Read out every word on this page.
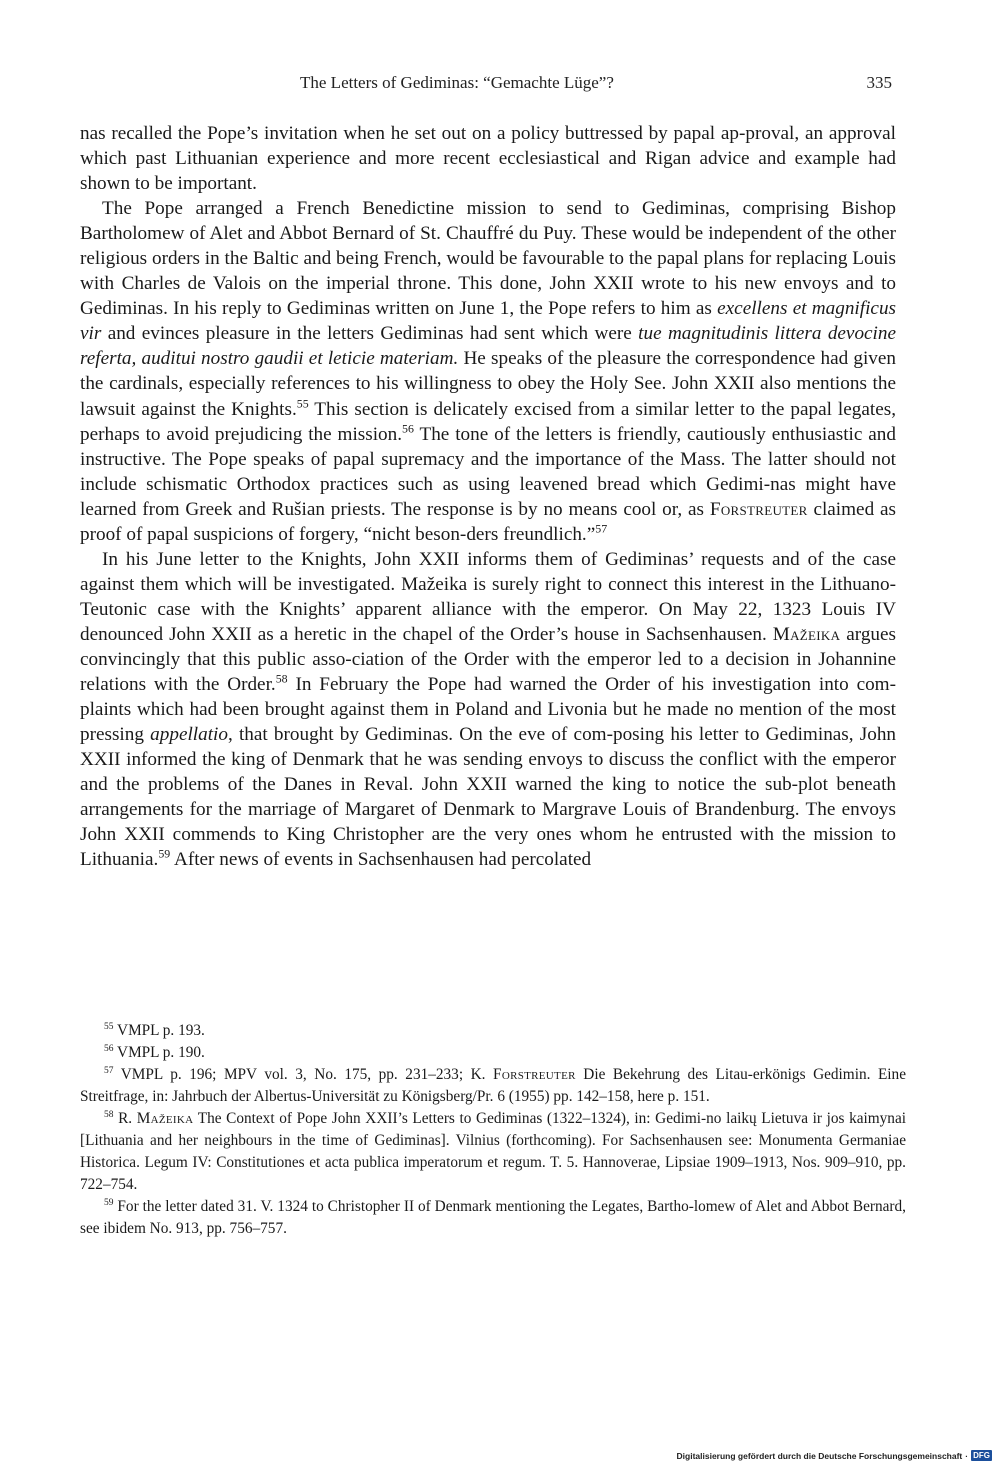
The Letters of Gediminas: “Gemachte Lüge”?	335

nas recalled the Pope’s invitation when he set out on a policy buttressed by papal ap-proval, an approval which past Lithuanian experience and more recent ecclesiastical and Rigan advice and example had shown to be important.

The Pope arranged a French Benedictine mission to send to Gediminas, comprising Bishop Bartholomew of Alet and Abbot Bernard of St. Chauffré du Puy. These would be independent of the other religious orders in the Baltic and being French, would be favourable to the papal plans for replacing Louis with Charles de Valois on the imperial throne. This done, John XXII wrote to his new envoys and to Gediminas. In his reply to Gediminas written on June 1, the Pope refers to him as excellens et magnificus vir and evinces pleasure in the letters Gediminas had sent which were tue magnitudinis littera devocine referta, auditui nostro gaudii et leticie materiam. He speaks of the pleasure the correspondence had given the cardinals, especially references to his willingness to obey the Holy See. John XXII also mentions the lawsuit against the Knights.$^{55}$ This section is delicately excised from a similar letter to the papal legates, perhaps to avoid prejudicing the mission.$^{56}$ The tone of the letters is friendly, cautiously enthusiastic and instructive. The Pope speaks of papal supremacy and the importance of the Mass. The latter should not include schismatic Orthodox practices such as using leavened bread which Gedimi-nas might have learned from Greek and Rušian priests. The response is by no means cool or, as Forstreuter claimed as proof of papal suspicions of forgery, “nicht beson-ders freundlich.”$^{57}$

In his June letter to the Knights, John XXII informs them of Gediminas’ requests and of the case against them which will be investigated. Mažeika is surely right to connect this interest in the Lithuano-Teutonic case with the Knights’ apparent alliance with the emperor. On May 22, 1323 Louis IV denounced John XXII as a heretic in the chapel of the Order’s house in Sachsenhausen. Mažeika argues convincingly that this public asso-ciation of the Order with the emperor led to a decision in Johannine relations with the Order.$^{58}$ In February the Pope had warned the Order of his investigation into com-plaints which had been brought against them in Poland and Livonia but he made no mention of the most pressing appellatio, that brought by Gediminas. On the eve of com-posing his letter to Gediminas, John XXII informed the king of Denmark that he was sending envoys to discuss the conflict with the emperor and the problems of the Danes in Reval. John XXII warned the king to notice the sub-plot beneath arrangements for the marriage of Margaret of Denmark to Margrave Louis of Brandenburg. The envoys John XXII commends to King Christopher are the very ones whom he entrusted with the mission to Lithuania.$^{59}$ After news of events in Sachsenhausen had percolated

$^{55}$ VMPL p. 193.

$^{56}$ VMPL p. 190.

$^{57}$ VMPL p. 196; MPV vol. 3, No. 175, pp. 231–233; K. Forstreuter Die Bekehrung des Litau-erkönigs Gedimin. Eine Streitfrage, in: Jahrbuch der Albertus-Universität zu Königsberg/Pr. 6 (1955) pp. 142–158, here p. 151.

$^{58}$ R. Mažeika The Context of Pope John XXII’s Letters to Gediminas (1322–1324), in: Gedimi-no laikų Lietuva ir jos kaimynai [Lithuania and her neighbours in the time of Gediminas]. Vilnius (forthcoming). For Sachsenhausen see: Monumenta Germaniae Historica. Legum IV: Constitutiones et acta publica imperatorum et regum. T. 5. Hannoverae, Lipsiae 1909–1913, Nos. 909–910, pp. 722–754.

$^{59}$ For the letter dated 31. V. 1324 to Christopher II of Denmark mentioning the Legates, Bartho-lomew of Alet and Abbot Bernard, see ibidem No. 913, pp. 756–757.

Digitalisierung gefördert durch die Deutsche Forschungsgemeinschaft · DFG
